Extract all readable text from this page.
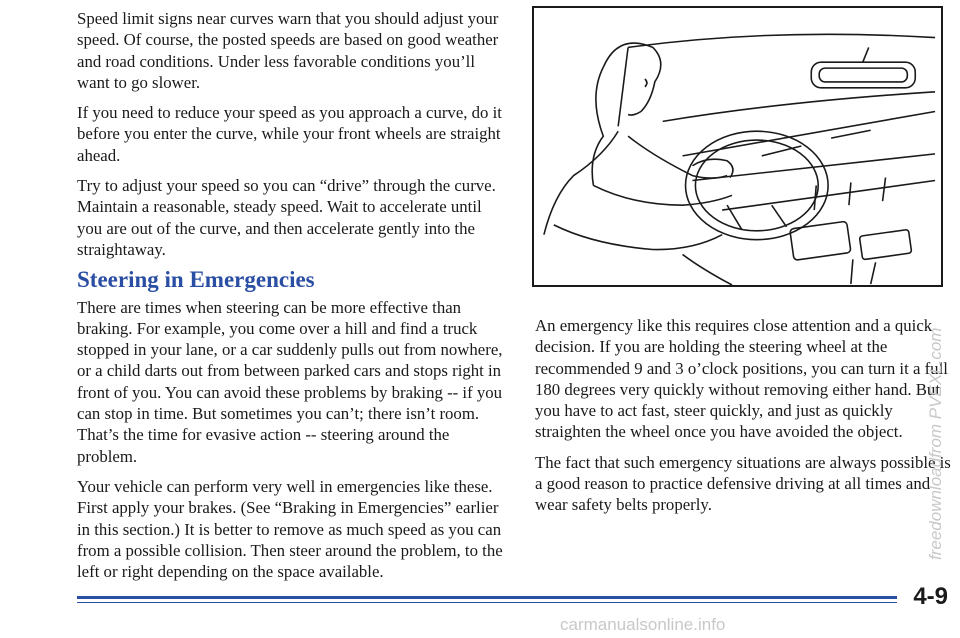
Speed limit signs near curves warn that you should adjust your speed. Of course, the posted speeds are based on good weather and road conditions. Under less favorable conditions you’ll want to go slower.

If you need to reduce your speed as you approach a curve, do it before you enter the curve, while your front wheels are straight ahead.

Try to adjust your speed so you can “drive” through the curve. Maintain a reasonable, steady speed. Wait to accelerate until you are out of the curve, and then accelerate gently into the straightaway.

Steering in Emergencies

There are times when steering can be more effective than braking. For example, you come over a hill and find a truck stopped in your lane, or a car suddenly pulls out from nowhere, or a child darts out from between parked cars and stops right in front of you. You can avoid these problems by braking -- if you can stop in time. But sometimes you can’t; there isn’t room. That’s the time for evasive action -- steering around the problem.

Your vehicle can perform very well in emergencies like these. First apply your brakes. (See “Braking in Emergencies” earlier in this section.) It is better to remove as much speed as you can from a possible collision. Then steer around the problem, to the left or right depending on the space available.

An emergency like this requires close attention and a quick decision. If you are holding the steering wheel at the recommended 9 and 3 o’clock positions, you can turn it a full 180 degrees very quickly without removing either hand. But you have to act fast, steer quickly, and just as quickly straighten the wheel once you have avoided the object.

The fact that such emergency situations are always possible is a good reason to practice defensive driving at all times and wear safety belts properly.

4-9
freedownloadfrom PVEXL.com
carmanualsonline.info
